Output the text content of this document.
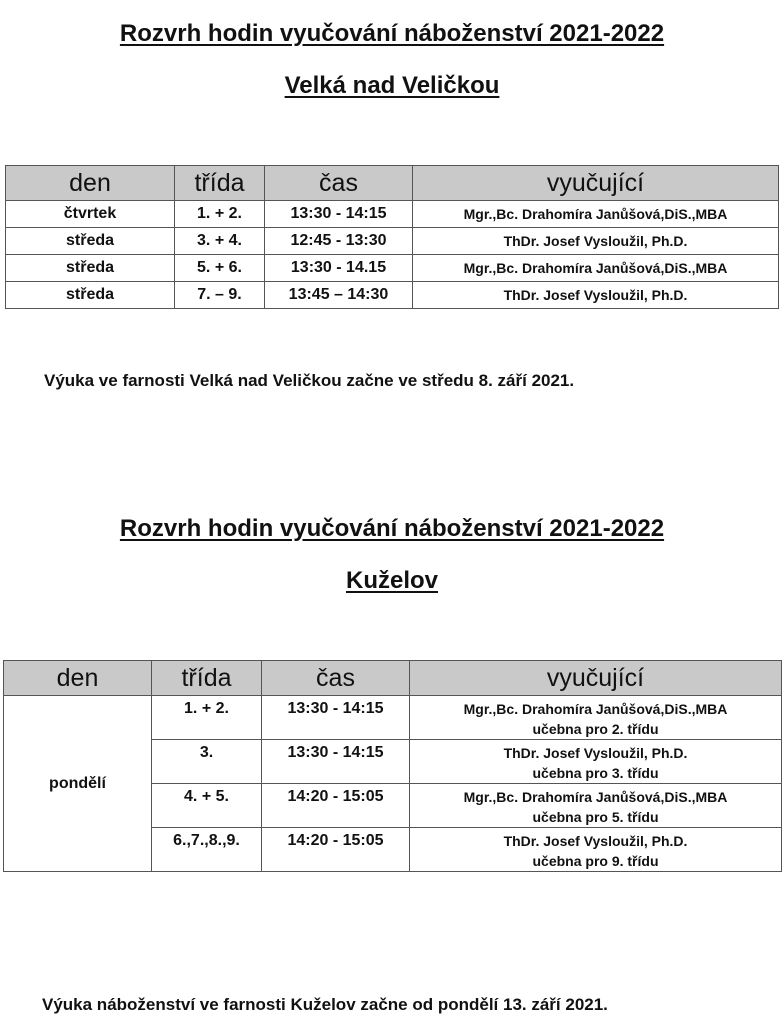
Rozvrh hodin vyučování náboženství 2021-2022
Velká nad Veličkou
den	třída	čas	vyučující
čtvrtek	1. + 2.	13:30 - 14:15	Mgr.,Bc. Drahomíra Janůšová,DiS.,MBA
středa	3. + 4.	12:45 - 13:30	ThDr. Josef Vysloužil, Ph.D.
středa	5. + 6.	13:30 - 14.15	Mgr.,Bc. Drahomíra Janůšová,DiS.,MBA
středa	7. – 9.	13:45 – 14:30	ThDr. Josef Vysloužil, Ph.D.

Výuka ve farnosti Velká nad Veličkou začne ve středu 8. září 2021.

Rozvrh hodin vyučování náboženství 2021-2022
Kuželov
den	třída	čas	vyučující
pondělí	1. + 2.	13:30 - 14:15	Mgr.,Bc. Drahomíra Janůšová,DiS.,MBA
učebna pro 2. třídu

	3.	13:30 - 14:15	ThDr. Josef Vysloužil, Ph.D.
učebna pro 3. třídu

	4. + 5.	14:20 - 15:05	Mgr.,Bc. Drahomíra Janůšová,DiS.,MBA
učebna pro 5. třídu

	6.,7.,8.,9.	14:20 - 15:05	ThDr. Josef Vysloužil, Ph.D.
učebna pro 9. třídu

Výuka náboženství ve farnosti Kuželov začne od pondělí 13. září 2021.
